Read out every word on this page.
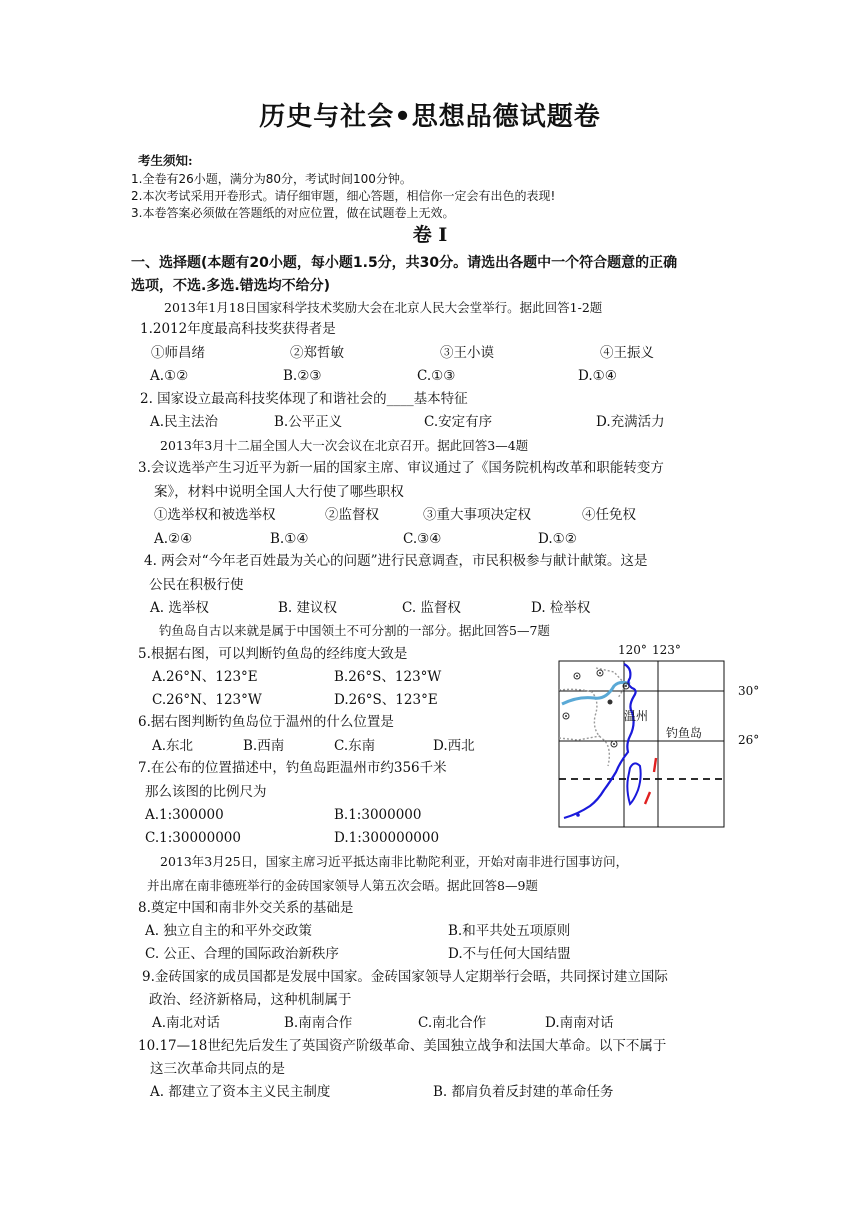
历史与社会•思想品德试题卷
考生须知:
1.全卷有26小题，满分为80分，考试时间100分钟。
2.本次考试采用开卷形式。请仔细审题，细心答题，相信你一定会有出色的表现!
3.本卷答案必须做在答题纸的对应位置，做在试题卷上无效。
卷 I
一、选择题(本题有20小题，每小题1.5分，共30分。请选出各题中一个符合题意的正确
选项，不选.多选.错选均不给分)
2013年1月18日国家科学技术奖励大会在北京人民大会堂举行。据此回答1-2题
1.2012年度最高科技奖获得者是
①师昌绪	②郑哲敏	③王小谟	④王振义
A.①②	B.②③	C.①③	D.①④
2. 国家设立最高科技奖体现了和谐社会的____基本特征
A.民主法治	B.公平正义	C.安定有序	D.充满活力
2013年3月十二届全国人大一次会议在北京召开。据此回答3—4题
3.会议选举产生习近平为新一届的国家主席、审议通过了《国务院机构改革和职能转变方
案》，材料中说明全国人大行使了哪些职权
①选举权和被选举权	②监督权	③重大事项决定权	④任免权
A.②④	B.①④	C.③④	D.①②
4. 两会对“今年老百姓最为关心的问题”进行民意调查，市民积极参与献计献策。这是
公民在积极行使
A. 选举权	B. 建议权	C. 监督权	D. 检举权
钓鱼岛自古以来就是属于中国领土不可分割的一部分。据此回答5—7题
5.根据右图，可以判断钓鱼岛的经纬度大致是
A.26°N、123°E	B.26°S、123°W
C.26°N、123°W	D.26°S、123°E
6.据右图判断钓鱼岛位于温州的什么位置是
A.东北	B.西南	C.东南	D.西北
7.在公布的位置描述中，钓鱼岛距温州市约356千米
那么该图的比例尺为
A.1:300000	B.1:3000000
C.1:30000000	D.1:300000000
120° 123°
温州
钓鱼岛
30°
26°
2013年3月25日，国家主席习近平抵达南非比勒陀利亚，开始对南非进行国事访问，
并出席在南非德班举行的金砖国家领导人第五次会晤。据此回答8—9题
8.奠定中国和南非外交关系的基础是
A. 独立自主的和平外交政策	B.和平共处五项原则
C. 公正、合理的国际政治新秩序	D.不与任何大国结盟
9.金砖国家的成员国都是发展中国家。金砖国家领导人定期举行会晤，共同探讨建立国际
政治、经济新格局，这种机制属于
A.南北对话	B.南南合作	C.南北合作	D.南南对话
10.17—18世纪先后发生了英国资产阶级革命、美国独立战争和法国大革命。以下不属于
这三次革命共同点的是
A. 都建立了资本主义民主制度	B. 都肩负着反封建的革命任务
